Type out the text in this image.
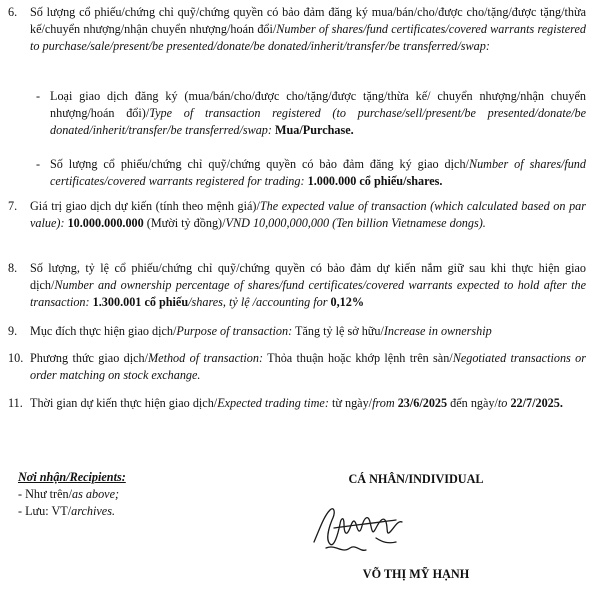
6. Số lượng cổ phiếu/chứng chỉ quỹ/chứng quyền có bảo đảm đăng ký mua/bán/cho/được cho/tặng/được tặng/thừa kế/chuyển nhượng/nhận chuyển nhượng/hoán đổi/Number of shares/fund certificates/covered warrants registered to purchase/sale/present/be presented/donate/be donated/inherit/transfer/be transferred/swap:
- Loại giao dịch đăng ký (mua/bán/cho/được cho/tặng/được tặng/thừa kế/ chuyển nhượng/nhận chuyển nhượng/hoán đổi)/Type of transaction registered (to purchase/sell/present/be presented/donate/be donated/inherit/transfer/be transferred/swap: Mua/Purchase.
- Số lượng cổ phiếu/chứng chỉ quỹ/chứng quyền có bảo đảm đăng ký giao dịch/Number of shares/fund certificates/covered warrants registered for trading: 1.000.000 cổ phiếu/shares.
7. Giá trị giao dịch dự kiến (tính theo mệnh giá)/The expected value of transaction (which calculated based on par value): 10.000.000.000 (Mười tỷ đồng)/VND 10,000,000,000 (Ten billion Vietnamese dongs).
8. Số lượng, tỷ lệ cổ phiếu/chứng chỉ quỹ/chứng quyền có bảo đảm dự kiến nắm giữ sau khi thực hiện giao dịch/Number and ownership percentage of shares/fund certificates/covered warrants expected to hold after the transaction: 1.300.001 cổ phiếu/shares, tỷ lệ /accounting for 0,12%
9. Mục đích thực hiện giao dịch/Purpose of transaction: Tăng tỷ lệ sở hữu/Increase in ownership
10. Phương thức giao dịch/Method of transaction: Thỏa thuận hoặc khớp lệnh trên sàn/Negotiated transactions or order matching on stock exchange.
11. Thời gian dự kiến thực hiện giao dịch/Expected trading time: từ ngày/from 23/6/2025 đến ngày/to 22/7/2025.
Nơi nhận/Recipients:
- Như trên/as above;
- Lưu: VT/archives.
CÁ NHÂN/INDIVIDUAL
VÕ THỊ MỸ HẠNH
